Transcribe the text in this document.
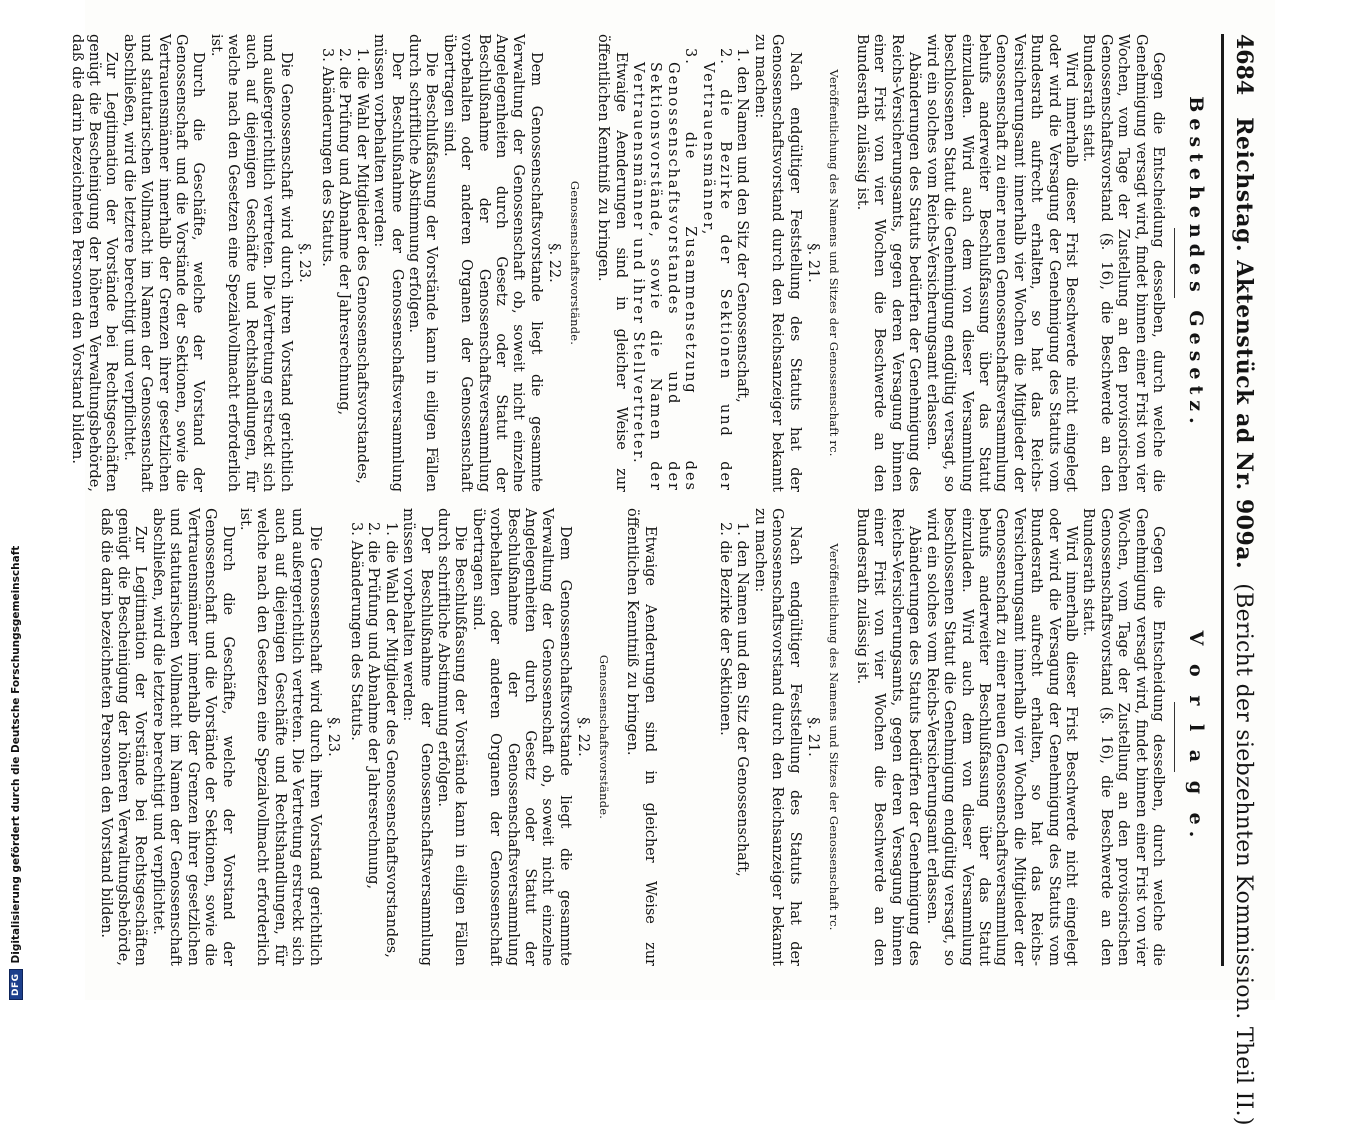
4684
Reichstag. Aktenstück ad Nr. 909a.
(Bericht der siebzehnten Kommission. Theil II.)
Bestehendes Gesetz.

Gegen die Entscheidung desselben, durch welche die Genehmigung versagt wird, findet binnen einer Frist von vier Wochen, vom Tage der Zustellung an den provisorischen Genossenschaftsvorstand (§. 16), die Beschwerde an den Bundesrath statt.

Wird innerhalb dieser Frist Beschwerde nicht eingelegt oder wird die Versagung der Genehmigung des Statuts vom Bundesrath aufrecht erhalten, so hat das Reichs-Versicherungsamt innerhalb vier Wochen die Mitglieder der Genossenschaft zu einer neuen Genossenschaftsversammlung behufs anderweiter Beschlußfassung über das Statut einzuladen. Wird auch dem von dieser Versammlung beschlossenen Statut die Genehmigung endgültig versagt, so wird ein solches vom Reichs-Versicherungsamt erlassen.

Abänderungen des Statuts bedürfen der Genehmigung des Reichs-Versicherungsamts, gegen deren Versagung binnen einer Frist von vier Wochen die Beschwerde an den Bundesrath zulässig ist.

Veröffentlichung des Namens und Sitzes der Genossenschaft rc.
§. 21.

Nach endgültiger Feststellung des Statuts hat der Genossenschaftsvorstand durch den Reichsanzeiger bekannt zu machen:

1. den Namen und den Sitz der Genossenschaft,

2. die Bezirke der Sektionen und der Vertrauensmänner,

3. die Zusammensetzung des Genossenschaftsvorstandes und der Sektionsvorstände, sowie die Namen der Vertrauensmänner und ihrer Stellvertreter.

Etwaige Aenderungen sind in gleicher Weise zur öffentlichen Kenntniß zu bringen.

Genossenschaftsvorstände.
§. 22.

Dem Genossenschaftsvorstande liegt die gesammte Verwaltung der Genossenschaft ob, soweit nicht einzelne Angelegenheiten durch Gesetz oder Statut der Beschlußnahme der Genossenschaftsversammlung vorbehalten oder anderen Organen der Genossenschaft übertragen sind.

Die Beschlußfassung der Vorstände kann in eiligen Fällen durch schriftliche Abstimmung erfolgen.

Der Beschlußnahme der Genossenschaftsversammlung müssen vorbehalten werden:

1. die Wahl der Mitglieder des Genossenschaftsvorstandes,

2. die Prüfung und Abnahme der Jahresrechnung,

3. Abänderungen des Statuts.

§. 23.

Die Genossenschaft wird durch ihren Vorstand gerichtlich und außergerichtlich vertreten. Die Vertretung erstreckt sich auch auf diejenigen Geschäfte und Rechtshandlungen, für welche nach den Gesetzen eine Spezialvollmacht erforderlich ist.

Durch die Geschäfte, welche der Vorstand der Genossenschaft und die Vorstände der Sektionen, sowie die Vertrauensmänner innerhalb der Grenzen ihrer gesetzlichen und statutarischen Vollmacht im Namen der Genossenschaft abschließen, wird die letztere berechtigt und verpflichtet.

Zur Legitimation der Vorstände bei Rechtsgeschäften genügt die Bescheinigung der höheren Verwaltungsbehörde, daß die darin bezeichneten Personen den Vorstand bilden.

V o r l a g e.

Gegen die Entscheidung desselben, durch welche die Genehmigung versagt wird, findet binnen einer Frist von vier Wochen, vom Tage der Zustellung an den provisorischen Genossenschaftsvorstand (§. 16), die Beschwerde an den Bundesrath statt.

Wird innerhalb dieser Frist Beschwerde nicht eingelegt oder wird die Versagung der Genehmigung des Statuts vom Bundesrath aufrecht erhalten, so hat das Reichs-Versicherungsamt innerhalb vier Wochen die Mitglieder der Genossenschaft zu einer neuen Genossenschaftsversammlung behufs anderweiter Beschlußfassung über das Statut einzuladen. Wird auch dem von dieser Versammlung beschlossenen Statut die Genehmigung endgültig versagt, so wird ein solches vom Reichs-Versicherungsamt erlassen.

Abänderungen des Statuts bedürfen der Genehmigung des Reichs-Versicherungsamts, gegen deren Versagung binnen einer Frist von vier Wochen die Beschwerde an den Bundesrath zulässig ist.

Veröffentlichung des Namens und Sitzes der Genossenschaft rc.
§. 21.

Nach endgültiger Feststellung des Statuts hat der Genossenschaftsvorstand durch den Reichsanzeiger bekannt zu machen:

1. den Namen und den Sitz der Genossenschaft,

2. die Bezirke der Sektionen.

Etwaige Aenderungen sind in gleicher Weise zur öffentlichen Kenntniß zu bringen.

Genossenschaftsvorstände.
§. 22.

Dem Genossenschaftsvorstande liegt die gesammte Verwaltung der Genossenschaft ob, soweit nicht einzelne Angelegenheiten durch Gesetz oder Statut der Beschlußnahme der Genossenschaftsversammlung vorbehalten oder anderen Organen der Genossenschaft übertragen sind.

Die Beschlußfassung der Vorstände kann in eiligen Fällen durch schriftliche Abstimmung erfolgen.

Der Beschlußnahme der Genossenschaftsversammlung müssen vorbehalten werden:

1. die Wahl der Mitglieder des Genossenschaftsvorstandes,

2. die Prüfung und Abnahme der Jahresrechnung,

3. Abänderungen des Statuts.

§. 23.

Die Genossenschaft wird durch ihren Vorstand gerichtlich und außergerichtlich vertreten. Die Vertretung erstreckt sich auch auf diejenigen Geschäfte und Rechtshandlungen, für welche nach den Gesetzen eine Spezialvollmacht erforderlich ist.

Durch die Geschäfte, welche der Vorstand der Genossenschaft und die Vorstände der Sektionen, sowie die Vertrauensmänner innerhalb der Grenzen ihrer gesetzlichen und statutarischen Vollmacht im Namen der Genossenschaft abschließen, wird die letztere berechtigt und verpflichtet.

Zur Legitimation der Vorstände bei Rechtsgeschäften genügt die Bescheinigung der höheren Verwaltungsbehörde, daß die darin bezeichneten Personen den Vorstand bilden.

DFG
Digitalisierung gefördert durch die Deutsche Forschungsgemeinschaft
